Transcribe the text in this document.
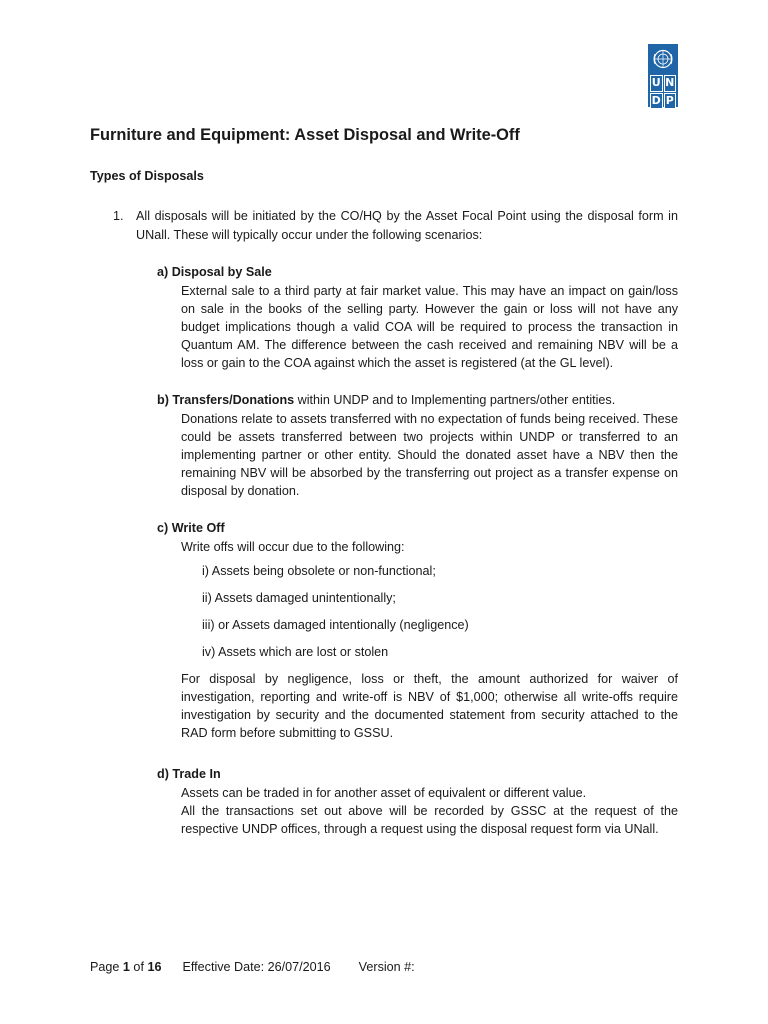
U N
D P
Furniture and Equipment: Asset Disposal and Write-Off

Types of Disposals

1. All disposals will be initiated by the CO/HQ by the Asset Focal Point using the disposal form in UNall. These will typically occur under the following scenarios:
a) Disposal by Sale
External sale to a third party at fair market value. This may have an impact on gain/loss on sale in the books of the selling party. However the gain or loss will not have any budget implications though a valid COA will be required to process the transaction in Quantum AM. The difference between the cash received and remaining NBV will be a loss or gain to the COA against which the asset is registered (at the GL level).
b) Transfers/Donations within UNDP and to Implementing partners/other entities.
Donations relate to assets transferred with no expectation of funds being received. These could be assets transferred between two projects within UNDP or transferred to an implementing partner or other entity. Should the donated asset have a NBV then the remaining NBV will be absorbed by the transferring out project as a transfer expense on disposal by donation.
c) Write Off
Write offs will occur due to the following:
i) Assets being obsolete or non-functional;
ii) Assets damaged unintentionally;
iii) or Assets damaged intentionally (negligence)
iv) Assets which are lost or stolen
For disposal by negligence, loss or theft, the amount authorized for waiver of investigation, reporting and write-off is NBV of $1,000; otherwise all write-offs require investigation by security and the documented statement from security attached to the RAD form before submitting to GSSU.
d) Trade In
Assets can be traded in for another asset of equivalent or different value.
All the transactions set out above will be recorded by GSSC at the request of the respective UNDP offices, through a request using the disposal request form via UNall.
Page 1 of 16 Effective Date: 26/07/2016 Version #:
